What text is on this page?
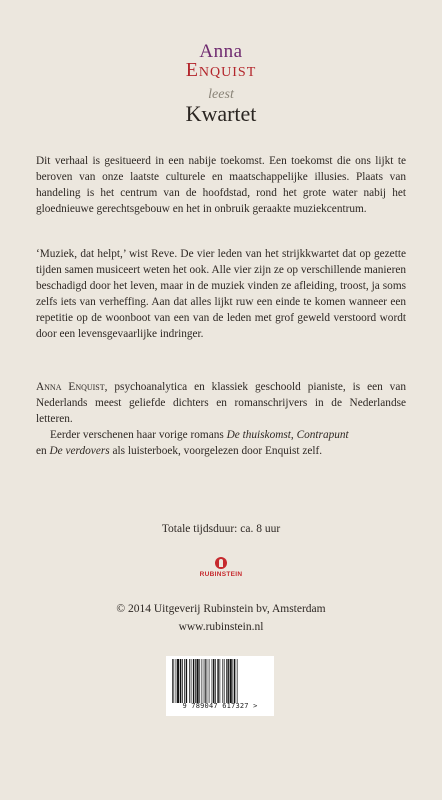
Anna
Enquist
leest
Kwartet

Dit verhaal is gesitueerd in een nabije toekomst. Een toekomst die ons lijkt te beroven van onze laatste culturele en maatschappelijke illusies. Plaats van handeling is het centrum van de hoofdstad, rond het grote water nabij het gloednieuwe gerechtsgebouw en het in onbruik geraakte muziekcentrum.

‘Muziek, dat helpt,’ wist Reve. De vier leden van het strijkkwartet dat op gezette tijden samen musiceert weten het ook. Alle vier zijn ze op verschillende manieren beschadigd door het leven, maar in de muziek vinden ze afleiding, troost, ja soms zelfs iets van verheffing. Aan dat alles lijkt ruw een einde te komen wanneer een repetitie op de woonboot van een van de leden met grof geweld verstoord wordt door een levensgevaarlijke indringer.

Anna Enquist, psychoanalytica en klassiek geschoold pianiste, is een van Nederlands meest geliefde dichters en romanschrijvers in de Nederlandse letteren.

Eerder verschenen haar vorige romans De thuiskomst, Contrapunt
en De verdovers als luisterboek, voorgelezen door Enquist zelf.

Totale tijdsduur: ca. 8 uur
RUBINSTEIN
© 2014 Uitgeverij Rubinstein bv, Amsterdam
www.rubinstein.nl
9 789047 617327 >
